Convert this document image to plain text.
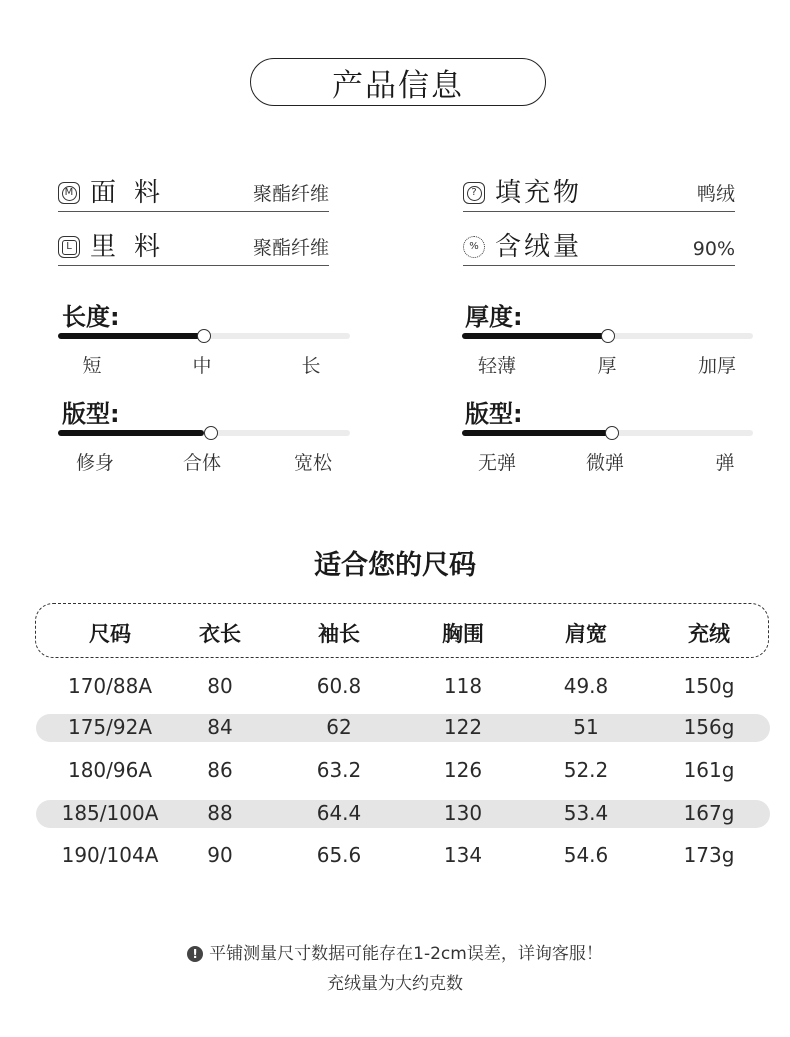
产品信息
M 面料	聚酯纤维
L 里料	聚酯纤维
? 填充物	鸭绒
% 含绒量	90%
长度:
短	中	长
厚度:
轻薄	厚	加厚
版型:
修身	合体	宽松
版型:
无弹	微弹	弹
适合您的尺码
尺码	衣长	袖长	胸围	肩宽	充绒
170/88A	80	60.8	118	49.8	150g
175/92A	84	62	122	51	156g
180/96A	86	63.2	126	52.2	161g
185/100A	88	64.4	130	53.4	167g
190/104A	90	65.6	134	54.6	173g
! 平铺测量尺寸数据可能存在1-2cm误差，详询客服！
充绒量为大约克数
